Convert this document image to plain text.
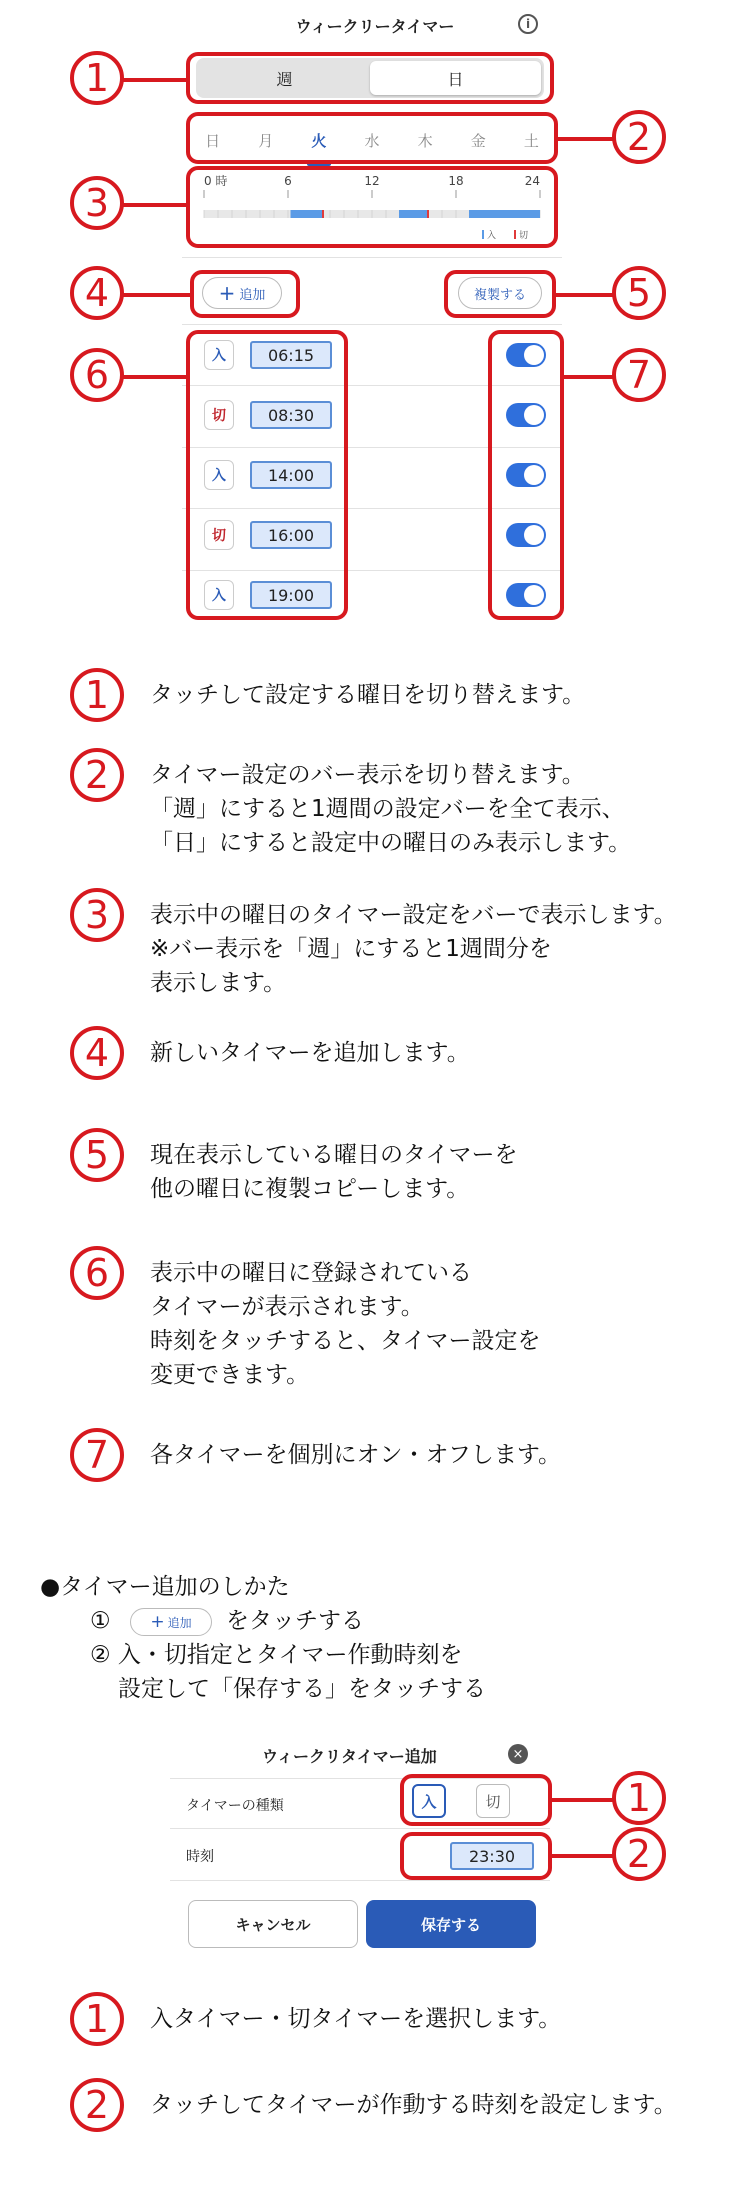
ウィークリータイマー	i
週	日
日	月	火	水	木	金	土
0 時	6	12	18	24
入	切
+ 追加	複製する
入	06:15
切	08:30
入	14:00
切	16:00
入	19:00
1
2
3
4	5
6	7
1	タッチして設定する曜日を切り替えます。
2	タイマー設定のバー表示を切り替えます。
「週」にすると1週間の設定バーを全て表示、
「日」にすると設定中の曜日のみ表示します。
3	表示中の曜日のタイマー設定をバーで表示します。
※バー表示を「週」にすると1週間分を
表示します。
4	新しいタイマーを追加します。
5	現在表示している曜日のタイマーを
他の曜日に複製コピーします。
6	表示中の曜日に登録されている
タイマーが表示されます。
時刻をタッチすると、タイマー設定を
変更できます。
7	各タイマーを個別にオン・オフします。
●タイマー追加のしかた
① + 追加 をタッチする
② 入・切指定とタイマー作動時刻を
設定して「保存する」をタッチする
ウィークリタイマー追加	×
タイマーの種類	入	切
時刻	23:30
キャンセル	保存する
1
2
1	入タイマー・切タイマーを選択します。
2	タッチしてタイマーが作動する時刻を設定します。
